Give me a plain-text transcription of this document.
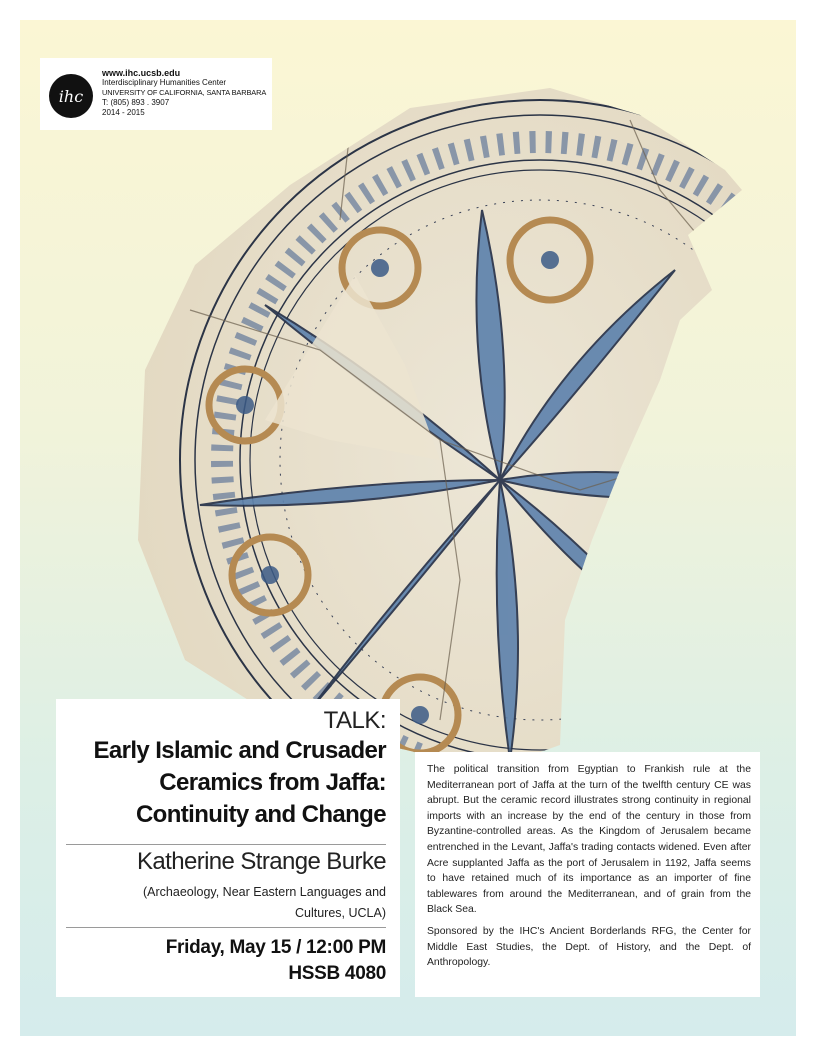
ihc
www.ihc.ucsb.edu
Interdisciplinary Humanities Center
UNIVERSITY OF CALIFORNIA, SANTA BARBARA
T: (805) 893 . 3907
2014 - 2015
TALK:
Early Islamic and Crusader
Ceramics from Jaffa:
Continuity and Change
Katherine Strange Burke
(Archaeology, Near Eastern Languages and
Cultures, UCLA)
Friday, May 15 / 12:00 PM
HSSB 4080

The political transition from Egyptian to Frankish rule at the Mediterranean port of Jaffa at the turn of the twelfth century CE was abrupt. But the ceramic record illustrates strong continuity in regional imports with an increase by the end of the century in those from Byzantine-controlled areas. As the Kingdom of Jerusalem became entrenched in the Levant, Jaffa's trading contacts widened. Even after Acre supplanted Jaffa as the port of Jerusalem in 1192, Jaffa seems to have retained much of its importance as an importer of fine tablewares from around the Mediterranean, and of grain from the Black Sea.

Sponsored by the IHC's Ancient Borderlands RFG, the Center for Middle East Studies, the Dept. of History, and the Dept. of Anthropology.
